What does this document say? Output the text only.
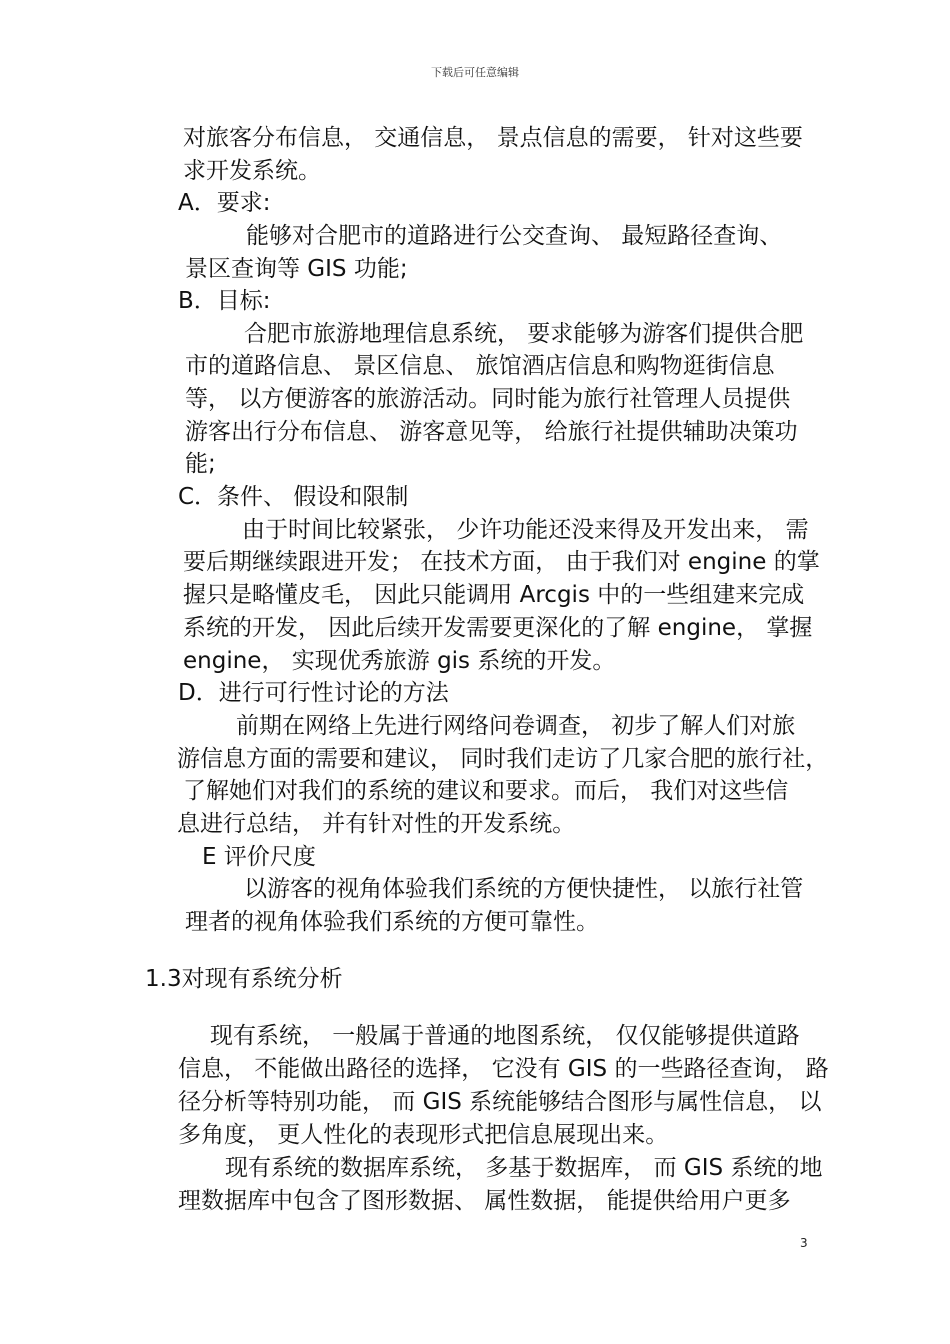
下载后可任意编辑
对旅客分布信息， 交通信息， 景点信息的需要， 针对这些要
求开发系统。
A．要求:
能够对合肥市的道路进行公交查询、 最短路径查询、
景区查询等 GIS 功能;
B．目标:
合肥市旅游地理信息系统， 要求能够为游客们提供合肥
市的道路信息、 景区信息、 旅馆酒店信息和购物逛街信息
等， 以方便游客的旅游活动。同时能为旅行社管理人员提供
游客出行分布信息、 游客意见等， 给旅行社提供辅助决策功
能;
C．条件、 假设和限制
由于时间比较紧张， 少许功能还没来得及开发出来， 需
要后期继续跟进开发； 在技术方面， 由于我们对 engine 的掌
握只是略懂皮毛， 因此只能调用 Arcgis 中的一些组建来完成
系统的开发， 因此后续开发需要更深化的了解 engine， 掌握
engine， 实现优秀旅游 gis 系统的开发。
D．进行可行性讨论的方法
前期在网络上先进行网络问卷调查， 初步了解人们对旅
游信息方面的需要和建议， 同时我们走访了几家合肥的旅行社，
了解她们对我们的系统的建议和要求。而后， 我们对这些信
息进行总结， 并有针对性的开发系统。
E 评价尺度
以游客的视角体验我们系统的方便快捷性， 以旅行社管
理者的视角体验我们系统的方便可靠性。
1.3对现有系统分析
现有系统， 一般属于普通的地图系统， 仅仅能够提供道路
信息， 不能做出路径的选择， 它没有 GIS 的一些路径查询， 路
径分析等特别功能， 而 GIS 系统能够结合图形与属性信息， 以
多角度， 更人性化的表现形式把信息展现出来。
现有系统的数据库系统， 多基于数据库， 而 GIS 系统的地
理数据库中包含了图形数据、 属性数据， 能提供给用户更多
3
